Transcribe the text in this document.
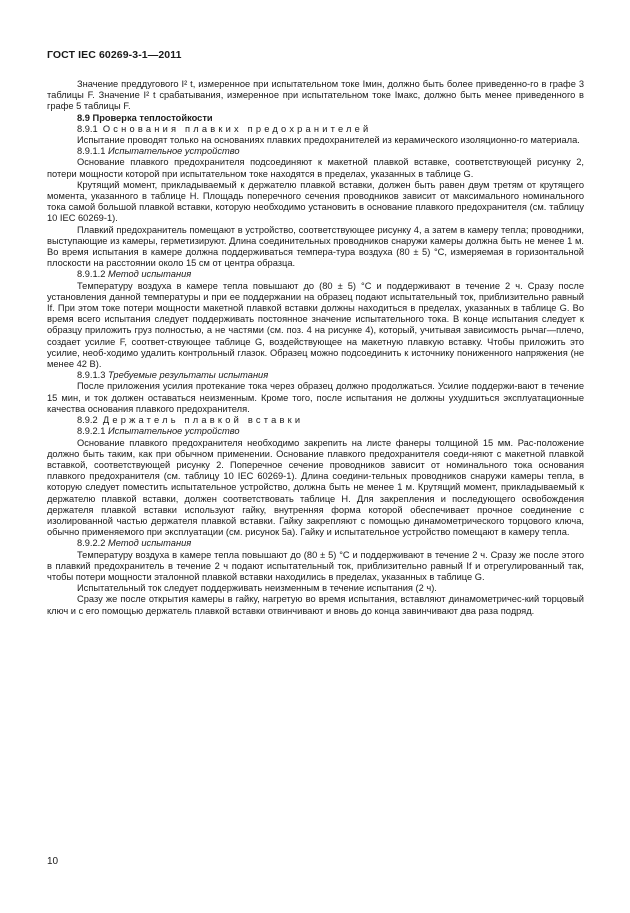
ГОСТ IEC 60269-3-1—2011

Значение преддугового I² t, измеренное при испытательном токе Iмин, должно быть более приведенно-го в графе 3 таблицы F. Значение I² t срабатывания, измеренное при испытательном токе Iмакс, должно быть менее приведенного в графе 5 таблицы F.

8.9 Проверка теплостойкости

8.9.1 Основания плавких предохранителей

Испытание проводят только на основаниях плавких предохранителей из керамического изоляционно-го материала.

8.9.1.1 Испытательное устройство

Основание плавкого предохранителя подсоединяют к макетной плавкой вставке, соответствующей рисунку 2, потери мощности которой при испытательном токе находятся в пределах, указанных в таблице G.

Крутящий момент, прикладываемый к держателю плавкой вставки, должен быть равен двум третям от крутящего момента, указанного в таблице H. Площадь поперечного сечения проводников зависит от максимального номинального тока самой большой плавкой вставки, которую необходимо установить в основание плавкого предохранителя (см. таблицу 10 IEC 60269-1).

Плавкий предохранитель помещают в устройство, соответствующее рисунку 4, а затем в камеру тепла; проводники, выступающие из камеры, герметизируют. Длина соединительных проводников снаружи камеры должна быть не менее 1 м. Во время испытания в камере должна поддерживаться темпера-тура воздуха (80 ± 5) °С, измеряемая в горизонтальной плоскости на расстоянии около 15 см от центра образца.

8.9.1.2 Метод испытания

Температуру воздуха в камере тепла повышают до (80 ± 5) °С и поддерживают в течение 2 ч. Сразу после установления данной температуры и при ее поддержании на образец подают испытательный ток, приблизительно равный If. При этом токе потери мощности макетной плавкой вставки должны находиться в пределах, указанных в таблице G. Во время всего испытания следует поддерживать постоянное значение испытательного тока. В конце испытания следует к образцу приложить груз полностью, а не частями (см. поз. 4 на рисунке 4), который, учитывая зависимость рычаг—плечо, создает усилие F, соответ-ствующее таблице G, воздействующее на макетную плавкую вставку. Чтобы приложить это усилие, необ-ходимо удалить контрольный глазок. Образец можно подсоединить к источнику пониженного напряжения (не менее 42 В).

8.9.1.3 Требуемые результаты испытания

После приложения усилия протекание тока через образец должно продолжаться. Усилие поддержи-вают в течение 15 мин, и ток должен оставаться неизменным. Кроме того, после испытания не должны ухудшиться эксплуатационные качества основания плавкого предохранителя.

8.9.2 Держатель плавкой вставки

8.9.2.1 Испытательное устройство

Основание плавкого предохранителя необходимо закрепить на листе фанеры толщиной 15 мм. Рас-положение должно быть таким, как при обычном применении. Основание плавкого предохранителя соеди-няют с макетной плавкой вставкой, соответствующей рисунку 2. Поперечное сечение проводников зависит от номинального тока основания плавкого предохранителя (см. таблицу 10 IEC 60269-1). Длина соедини-тельных проводников снаружи камеры тепла, в которую следует поместить испытательное устройство, должна быть не менее 1 м. Крутящий момент, прикладываемый к держателю плавкой вставки, должен соответствовать таблице H. Для закрепления и последующего освобождения держателя плавкой вставки используют гайку, внутренняя форма которой обеспечивает прочное соединение с изолированной частью держателя плавкой вставки. Гайку закрепляют с помощью динамометрического торцового ключа, обычно применяемого при эксплуатации (см. рисунок 5а). Гайку и испытательное устройство помещают в камеру тепла.

8.9.2.2 Метод испытания

Температуру воздуха в камере тепла повышают до (80 ± 5) °С и поддерживают в течение 2 ч. Сразу же после этого в плавкий предохранитель в течение 2 ч подают испытательный ток, приблизительно равный If и отрегулированный так, чтобы потери мощности эталонной плавкой вставки находились в пределах, указанных в таблице G.

Испытательный ток следует поддерживать неизменным в течение испытания (2 ч).

Сразу же после открытия камеры в гайку, нагретую во время испытания, вставляют динамометричес-кий торцовый ключ и с его помощью держатель плавкой вставки отвинчивают и вновь до конца завинчивают два раза подряд.

10
